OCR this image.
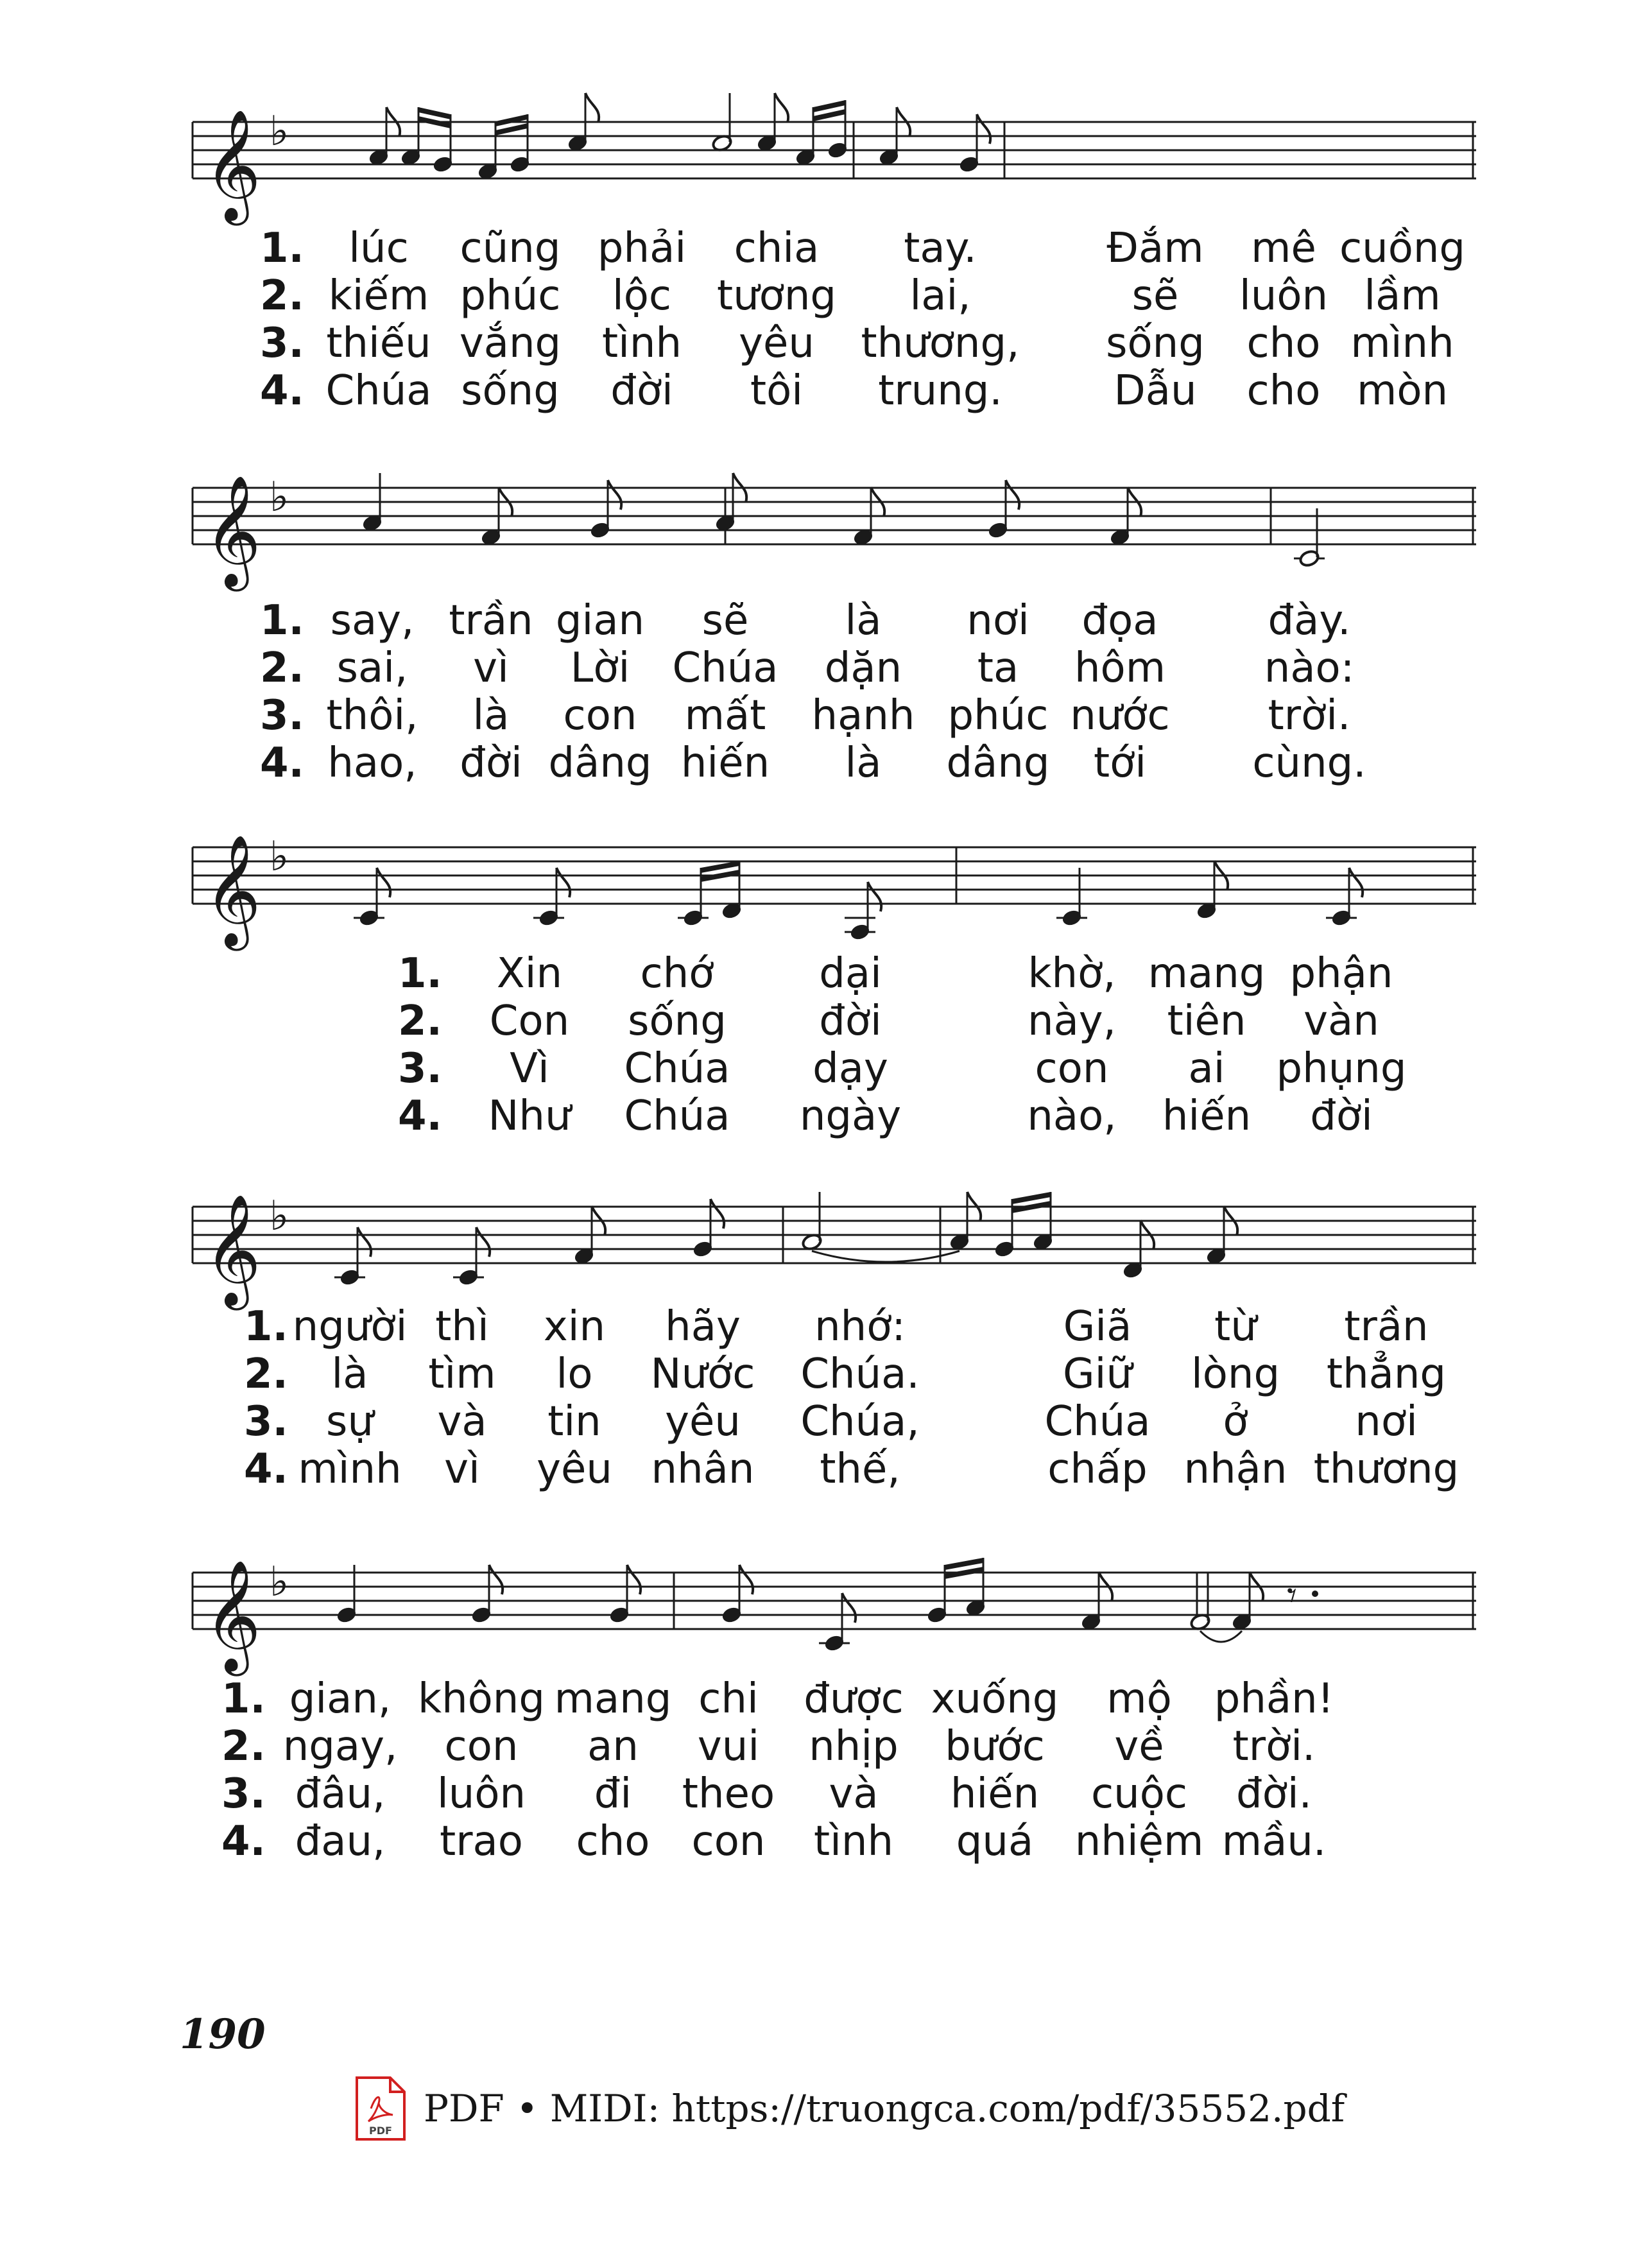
𝄞 ♭
1. lúc cũng phải chia tay.	Đắm mê cuồng
2. kiếm phúc lộc tương lai,	sẽ luôn lầm
3. thiếu vắng tình yêu thương, sống cho mình
4. Chúa sống đời tôi trung.	Dẫu cho mòn
𝄞 ♭
1. say, trần gian sẽ là nơi đọa	đày.
2. sai, vì Lời Chúa dặn ta hôm nào:
3. thôi, là con mất hạnh phúc nước trời.
4. hao, đời dâng hiến là dâng tới	cùng.
𝄞 ♭
1. Xin chớ	dại	khờ, mang phận
2. Con sống đời	này, tiên vàn
3. Vì Chúa dạy	con ai phụng
4. Như Chúa ngày	nào, hiến đời
𝄞 ♭
1. người thì xin hãy nhớ:	Giã từ trần
2. là tìm lo Nước Chúa.	Giữ lòng thẳng
3. sự và tin yêu Chúa,	Chúa ở	nơi
4. mình vì yêu nhân thế,	chấp nhận thương
𝄞 ♭	𝄾
1. gian, không mang chi được xuống mộ phần!
2. ngay, con an vui nhịp bước về trời.
3. đâu, luôn đi theo và hiến cuộc đời.
4. đau, trao cho con tình quá nhiệm mầu.
190
PDF
PDF • MIDI: https://truongca.com/pdf/35552.pdf
